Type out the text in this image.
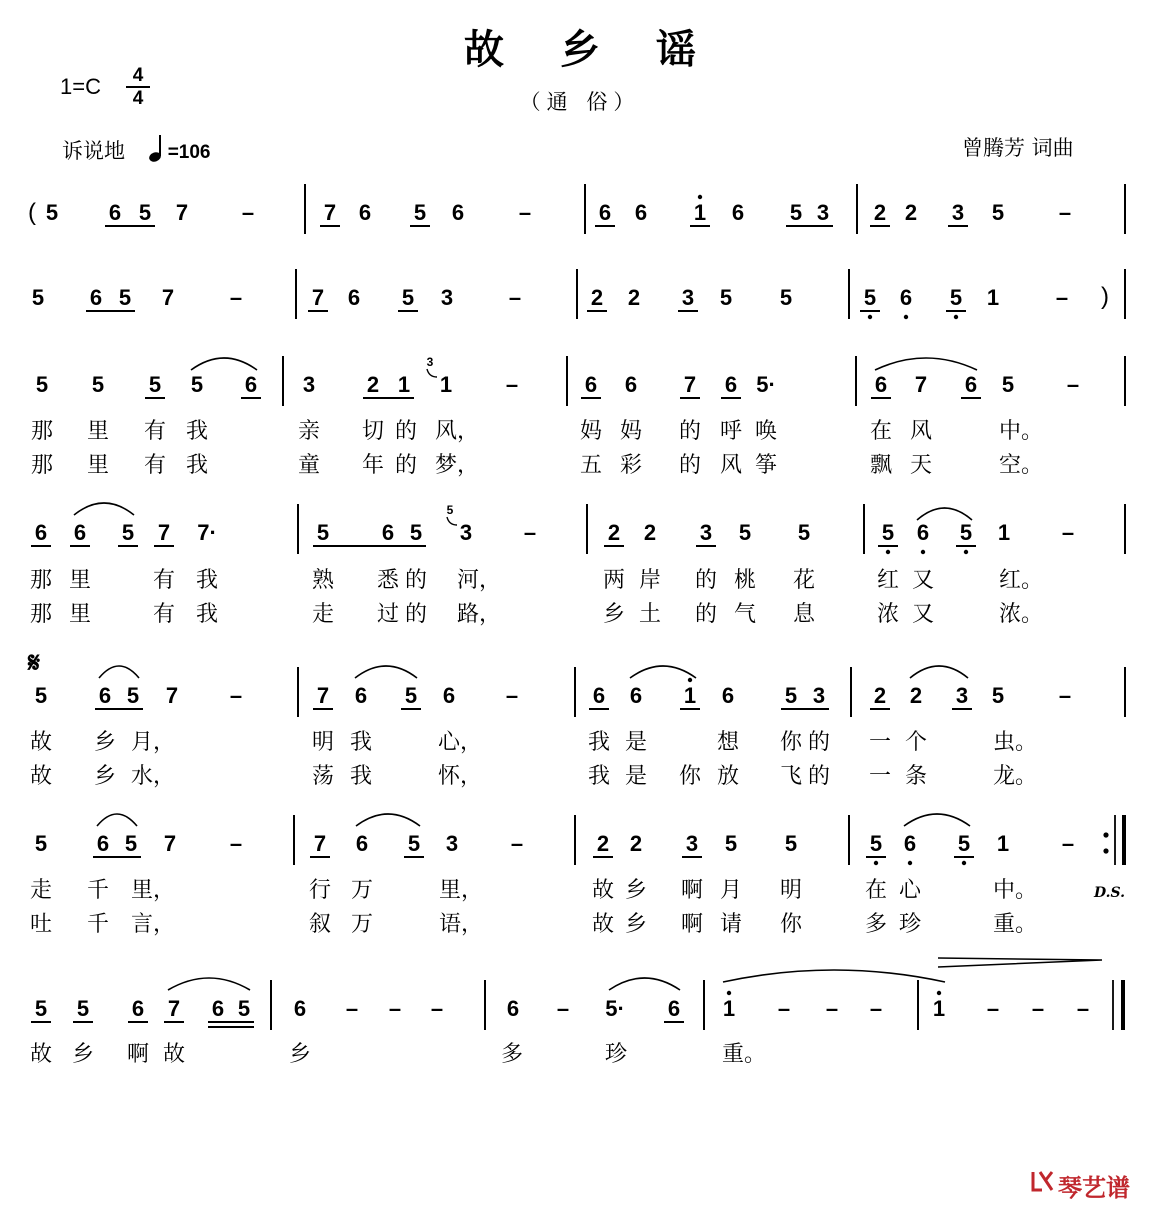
故 乡 谣
（通 俗）
1=C	4
4
诉说地 =106	曾腾芳 词曲
5 6 5 7 –	7 6 5 6 –	6 6 1 6 5 3 2 2 3 5 –
5 6 5 7	–	7 6 5 3	–	2 2 3 5 5	5 6 5 1	–
5 5 5 5 6 3 2 1 1 –	6 6 7 6 5·	6 7 6 5 –
6 6 5 7 7·	5 6 5 3 –	2 2 3 5 5	5 6 5 1 –
5 6 5 7 –	7 6 5 6 –	6 6 1 6 5 3 2 2 3 5 –
5 6 5 7 –	7 6 5 3 –	2 2 3 5 5	5 6 5 1 –
5 5 6 7 6 5 6 – – –	6 – 5· 6 1 – – – 1 – – –
那 里 有 我	亲 切 的 风，	妈 妈 的 呼 唤	在 风	中。
那 里 有 我	童 年 的 梦，	五 彩 的 风 筝	飘 天	空。
那 里	有 我	熟 悉 的 河，	两 岸 的 桃 花	红 又	红。
那 里	有 我	走 过 的 路，	乡 土 的 气 息	浓 又	浓。
故 乡 月，	明 我	心，	我 是	想 你 的 一 个	虫。
故 乡 水，	荡 我	怀，	我 是 你 放 飞 的 一 条	龙。
走 千 里，	行 万	里，	故 乡 啊 月 明	在 心	中。
吐 千 言，	叙 万	语，	故 乡 啊 请 你	多 珍	重。
故 乡 啊 故	乡	多	珍	重。
3
5
(
)
𝄋
D.S.
琴艺谱
